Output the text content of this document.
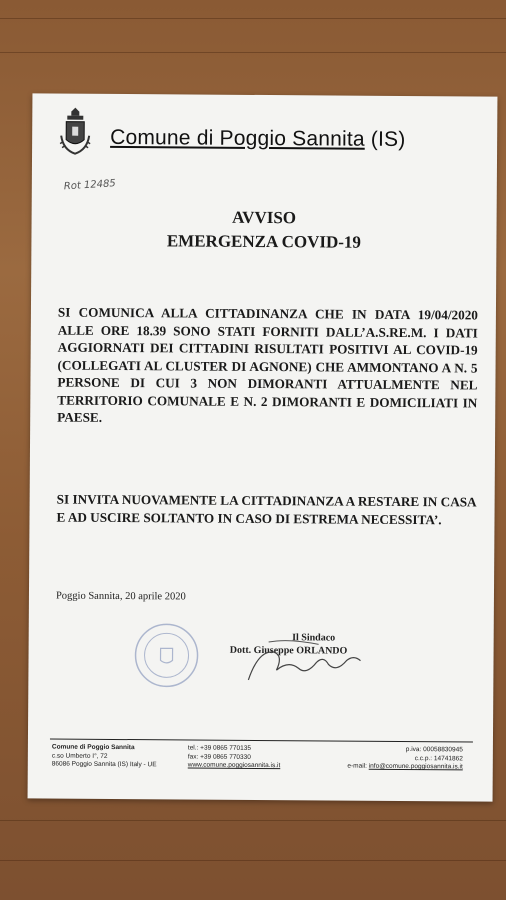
Comune di Poggio Sannita (IS)
Rot 12485
AVVISO
EMERGENZA COVID-19
SI COMUNICA ALLA CITTADINANZA CHE IN DATA 19/04/2020 ALLE ORE 18.39 SONO STATI FORNITI DALL’A.S.RE.M. I DATI AGGIORNATI DEI CITTADINI RISULTATI POSITIVI AL COVID-19 (COLLEGATI AL CLUSTER DI AGNONE) CHE AMMONTANO A N. 5 PERSONE DI CUI 3 NON DIMORANTI ATTUALMENTE NEL TERRITORIO COMUNALE E N. 2 DIMORANTI E DOMICILIATI IN PAESE.
SI INVITA NUOVAMENTE LA CITTADINANZA A RESTARE IN CASA E AD USCIRE SOLTANTO IN CASO DI ESTREMA NECESSITA’.
Poggio Sannita, 20 aprile 2020
Il Sindaco
Dott. Giuseppe ORLANDO
Comune di Poggio Sannita
c.so Umberto I°, 72
86086 Poggio Sannita (IS) Italy - UE
tel.: +39 0865 770135
fax: +39 0865 770330
www.comune.poggiosannita.is.it
p.iva: 00058830945
c.c.p.: 14741862
e-mail: info@comune.poggiosannita.is.it
